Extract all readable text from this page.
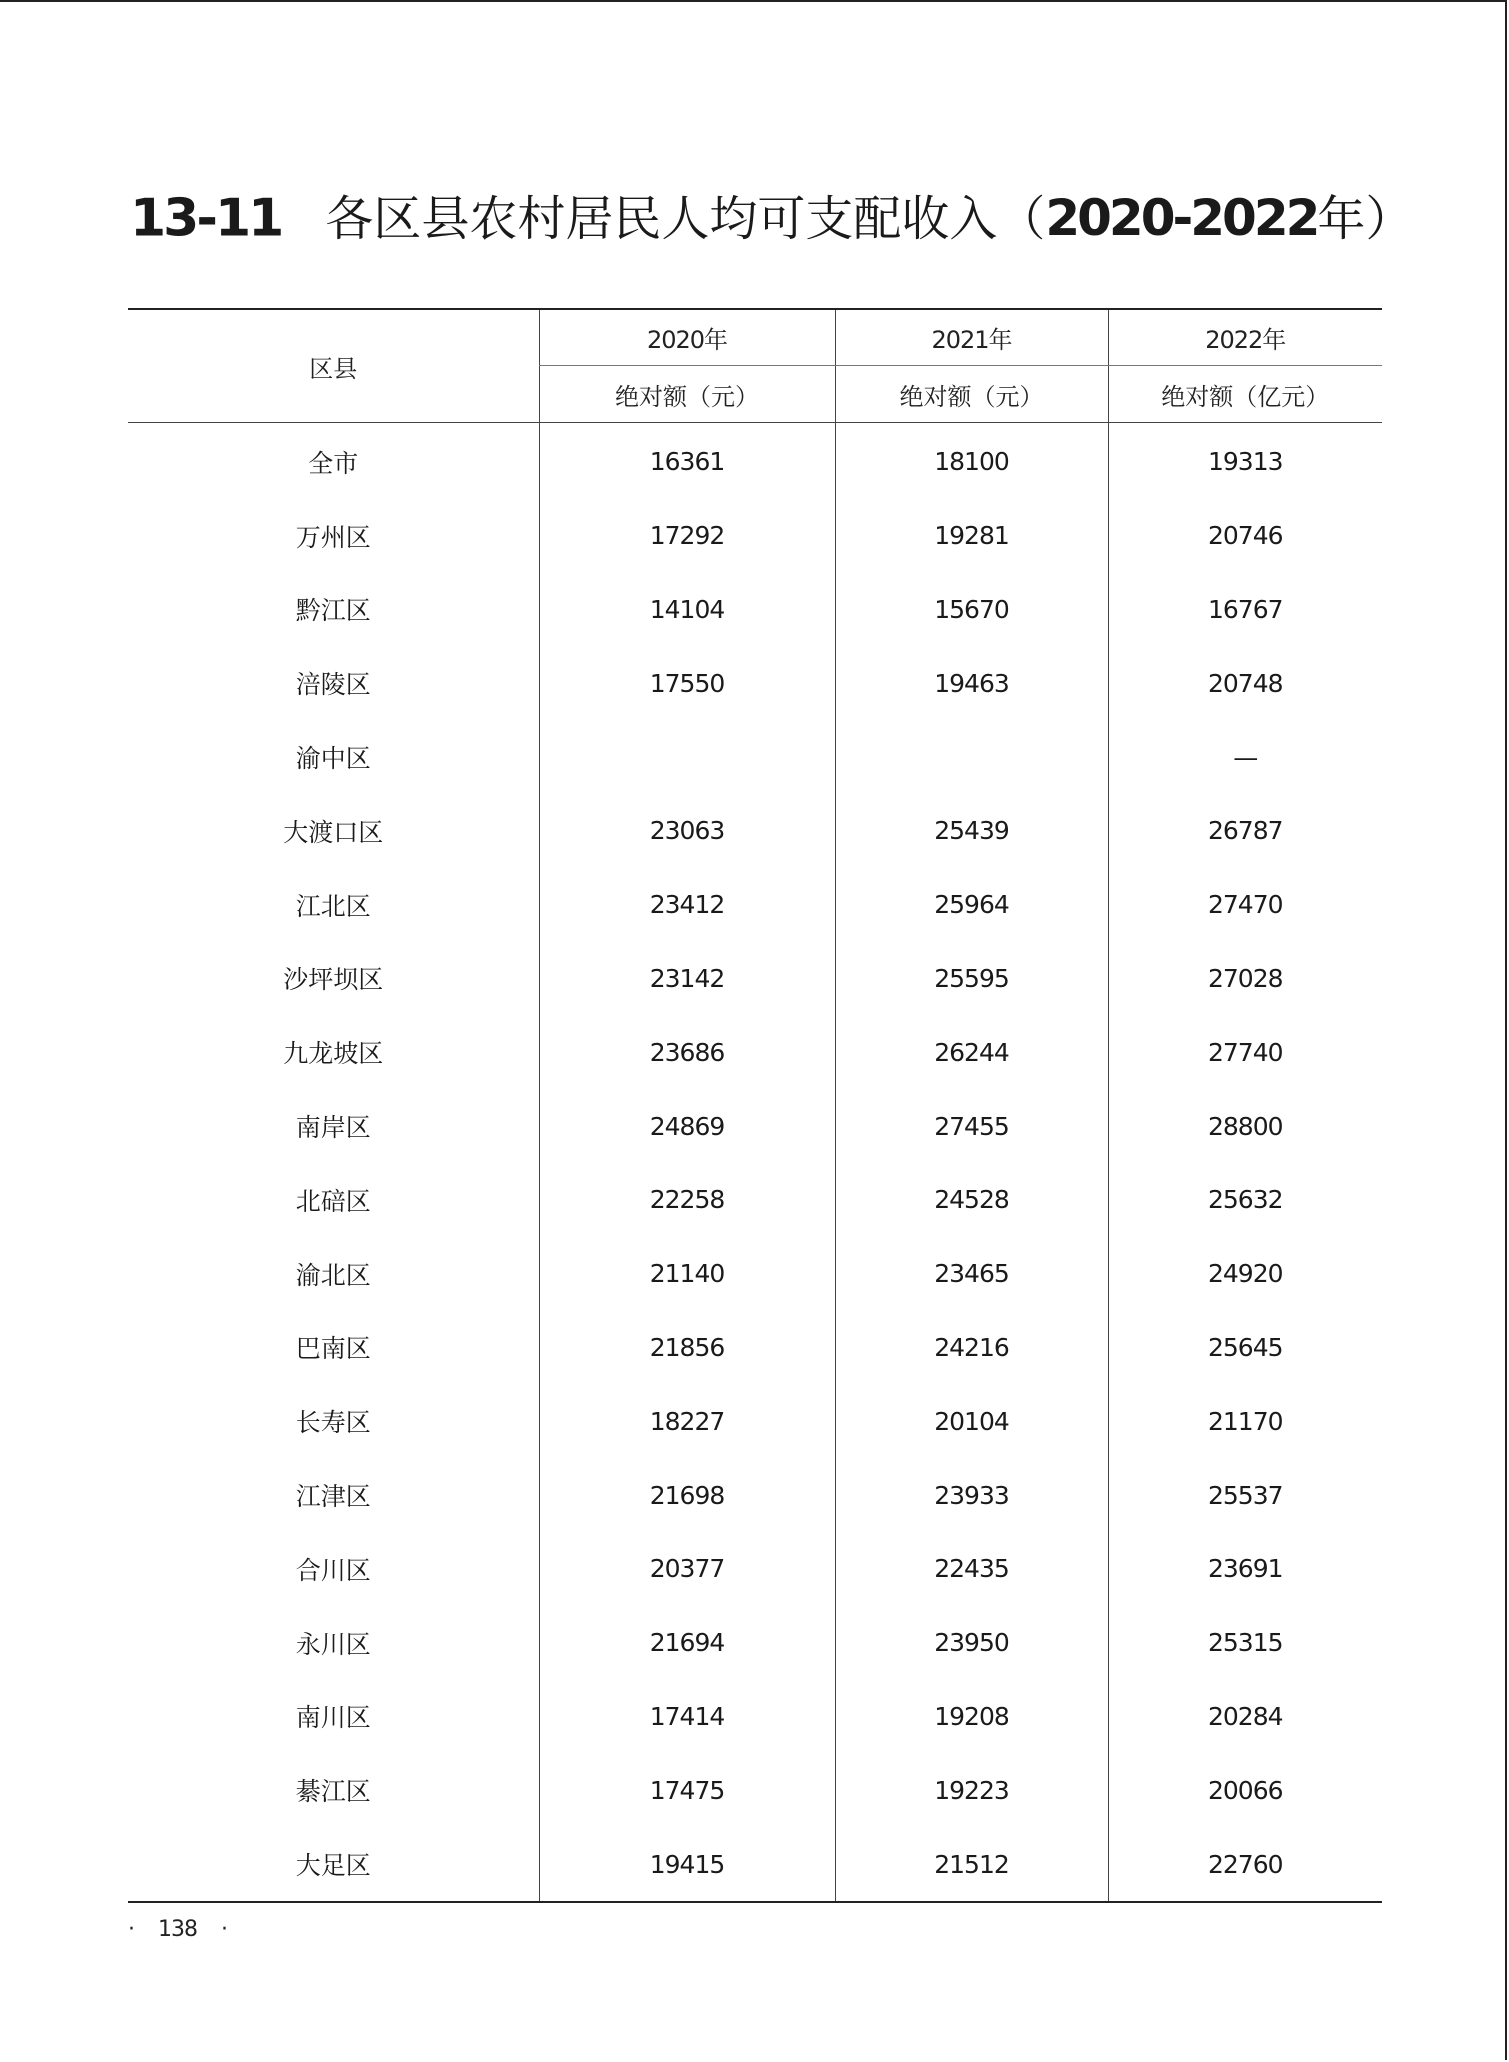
13-11 各区县农村居民人均可支配收入（2020-2022年）
区县	2020年	2021年	2022年
	绝对额（元）	绝对额（元）	绝对额（亿元）
全市	16361	18100	19313
万州区	17292	19281	20746
黔江区	14104	15670	16767
涪陵区	17550	19463	20748
渝中区			—
大渡口区	23063	25439	26787
江北区	23412	25964	27470
沙坪坝区	23142	25595	27028
九龙坡区	23686	26244	27740
南岸区	24869	27455	28800
北碚区	22258	24528	25632
渝北区	21140	23465	24920
巴南区	21856	24216	25645
长寿区	18227	20104	21170
江津区	21698	23933	25537
合川区	20377	22435	23691
永川区	21694	23950	25315
南川区	17414	19208	20284
綦江区	17475	19223	20066
大足区	19415	21512	22760
· 138 ·
